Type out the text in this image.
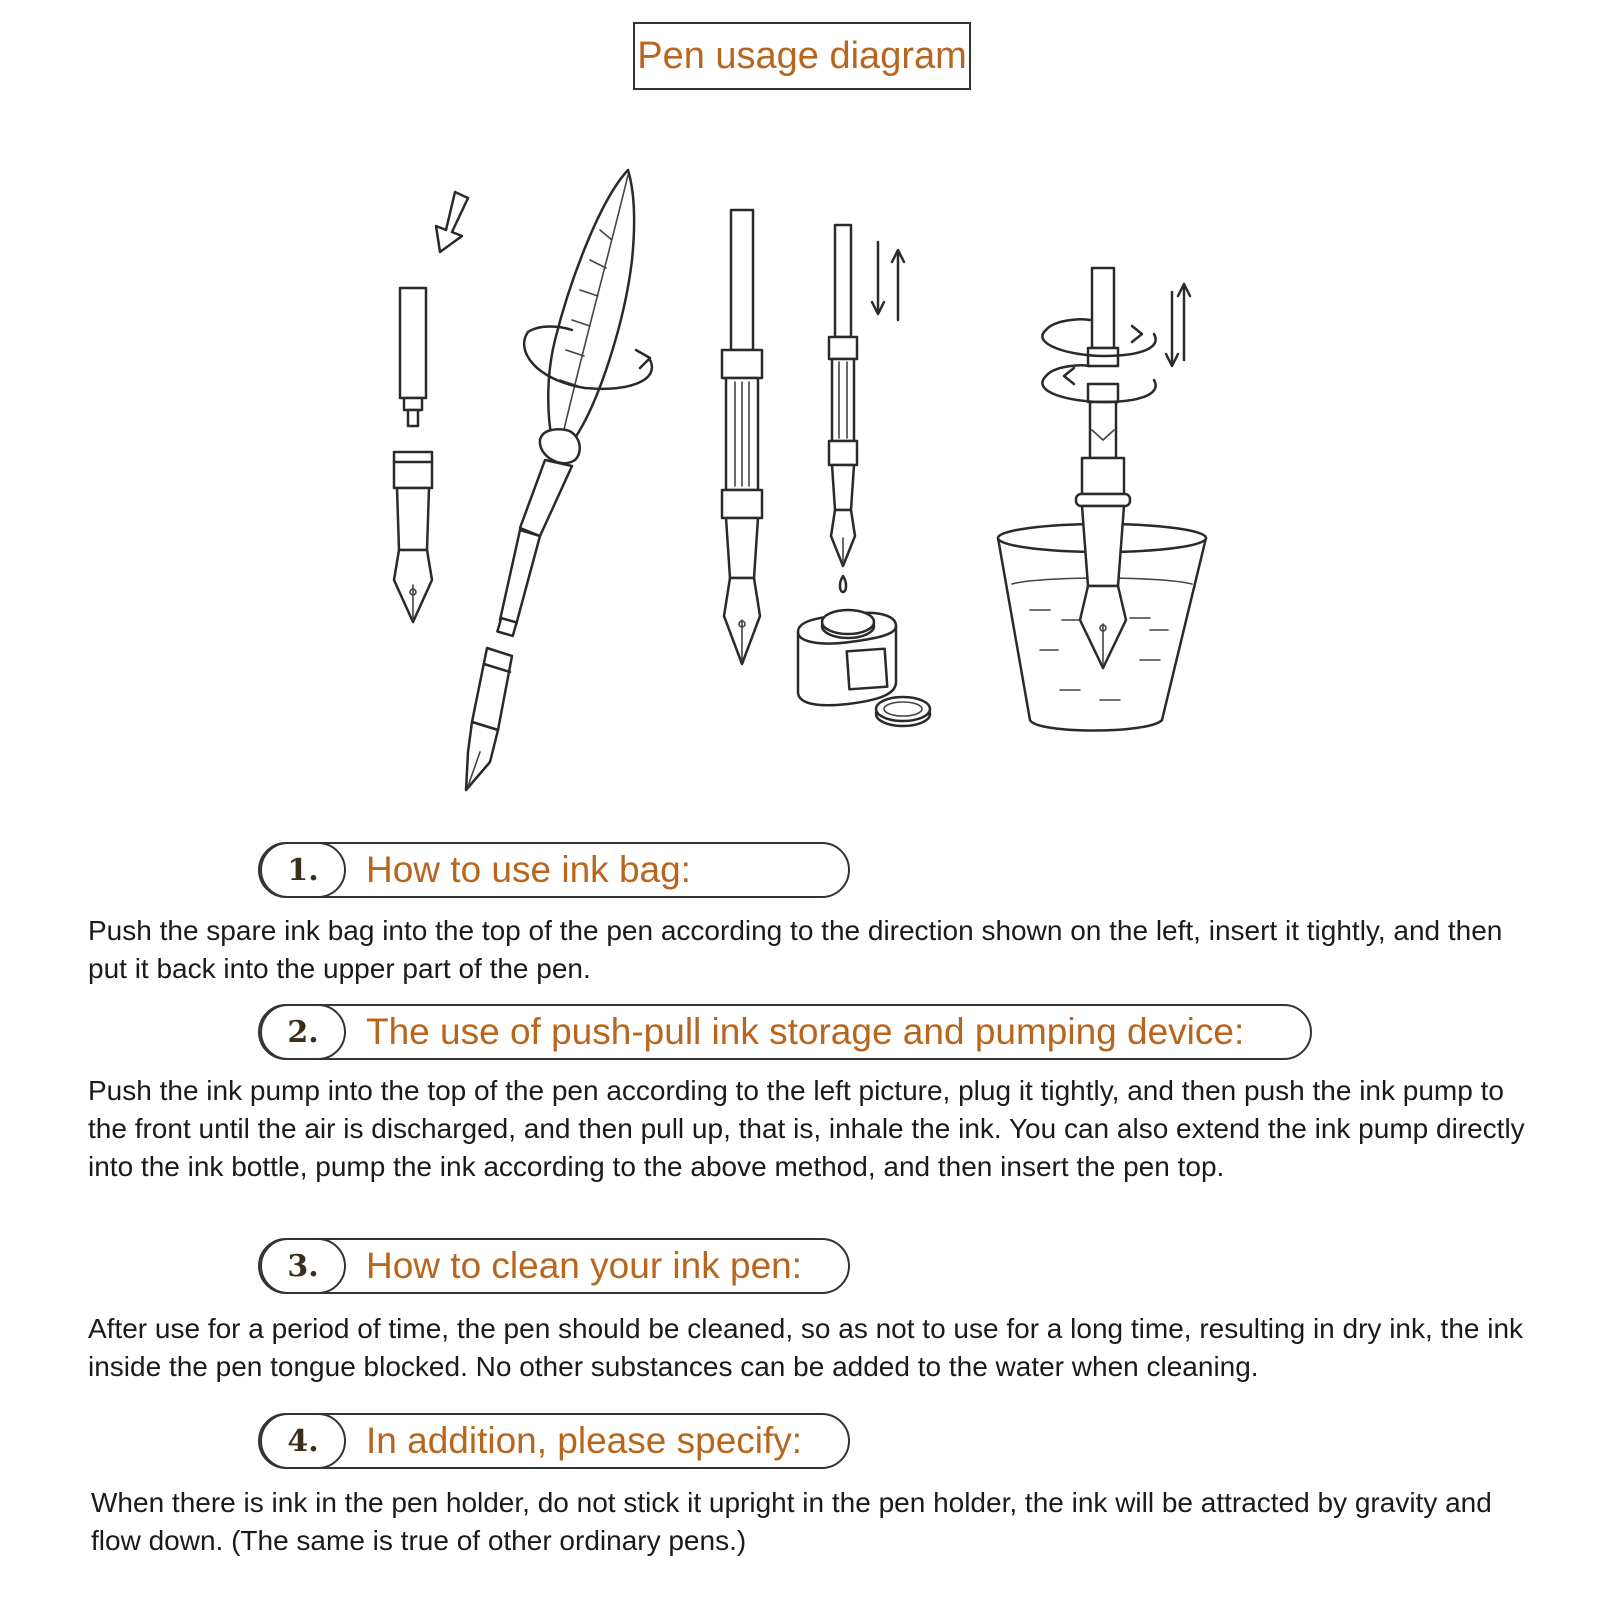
Pen usage diagram
1.	How to use ink bag:

Push the spare ink bag into the top of the pen according to the direction shown on the left, insert it tightly, and then put it back into the upper part of the pen.

2.	The use of push-pull ink storage and pumping device:

Push the ink pump into the top of the pen according to the left picture, plug it tightly, and then push the ink pump to the front until the air is discharged, and then pull up, that is, inhale the ink. You can also extend the ink pump directly into the ink bottle, pump the ink according to the above method, and then insert the pen top.

3.	How to clean your ink pen:

After use for a period of time, the pen should be cleaned, so as not to use for a long time, resulting in dry ink, the ink inside the pen tongue blocked. No other substances can be added to the water when cleaning.

4.	In addition, please specify:

When there is ink in the pen holder, do not stick it upright in the pen holder, the ink will be attracted by gravity and flow down. (The same is true of other ordinary pens.)
